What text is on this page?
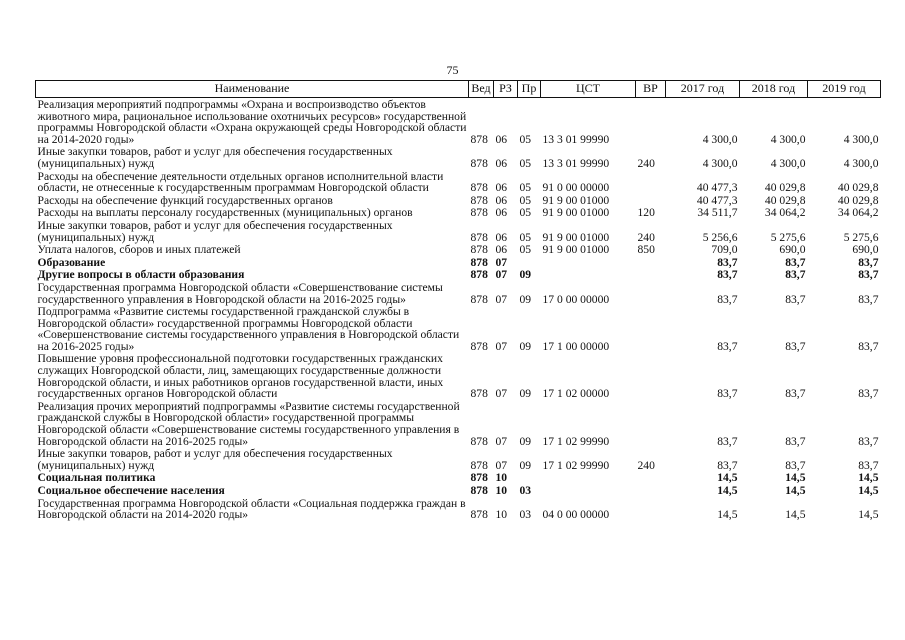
75
Наименование	Вед	РЗ	Пр	ЦСТ	ВР	2017 год	2018 год	2019 год
Реализация мероприятий подпрограммы «Охрана и воспроизводство объектов животного мира, рациональное использование охотничьих ресурсов» государственной программы Новгородской области «Охрана окружающей среды Новгородской области на 2014-2020 годы»	878	06	05	13 3 01 99990		4 300,0	4 300,0	4 300,0
Иные закупки товаров, работ и услуг для обеспечения государственных (муниципальных) нужд	878	06	05	13 3 01 99990	240	4 300,0	4 300,0	4 300,0
Расходы на обеспечение деятельности отдельных органов исполнительной власти области, не отнесенные к государственным программам Новгородской области	878	06	05	91 0 00 00000		40 477,3	40 029,8	40 029,8
Расходы на обеспечение функций государственных органов	878	06	05	91 9 00 01000		40 477,3	40 029,8	40 029,8
Расходы на выплаты персоналу государственных (муниципальных) органов	878	06	05	91 9 00 01000	120	34 511,7	34 064,2	34 064,2
Иные закупки товаров, работ и услуг для обеспечения государственных (муниципальных) нужд	878	06	05	91 9 00 01000	240	5 256,6	5 275,6	5 275,6
Уплата налогов, сборов и иных платежей	878	06	05	91 9 00 01000	850	709,0	690,0	690,0
Образование	878	07				83,7	83,7	83,7
Другие вопросы в области образования	878	07	09			83,7	83,7	83,7
Государственная программа Новгородской области «Совершенствование системы государственного управления в Новгородской области на 2016-2025 годы»	878	07	09	17 0 00 00000		83,7	83,7	83,7
Подпрограмма «Развитие системы государственной гражданской службы в Новгородской области» государственной программы Новгородской области «Совершенствование системы государственного управления в Новгородской области на 2016-2025 годы»	878	07	09	17 1 00 00000		83,7	83,7	83,7
Повышение уровня профессиональной подготовки государственных гражданских служащих Новгородской области, лиц, замещающих государственные должности Новгородской области, и иных работников органов государственной власти, иных государственных органов Новгородской области	878	07	09	17 1 02 00000		83,7	83,7	83,7
Реализация прочих мероприятий подпрограммы «Развитие системы государственной гражданской службы в Новгородской области» государственной программы Новгородской области «Совершенствование системы государственного управления в Новгородской области на 2016-2025 годы»	878	07	09	17 1 02 99990		83,7	83,7	83,7
Иные закупки товаров, работ и услуг для обеспечения государственных (муниципальных) нужд	878	07	09	17 1 02 99990	240	83,7	83,7	83,7
Социальная политика	878	10				14,5	14,5	14,5
Социальное обеспечение населения	878	10	03			14,5	14,5	14,5
Государственная программа Новгородской области «Социальная поддержка граждан в Новгородской области на 2014-2020 годы»	878	10	03	04 0 00 00000		14,5	14,5	14,5
